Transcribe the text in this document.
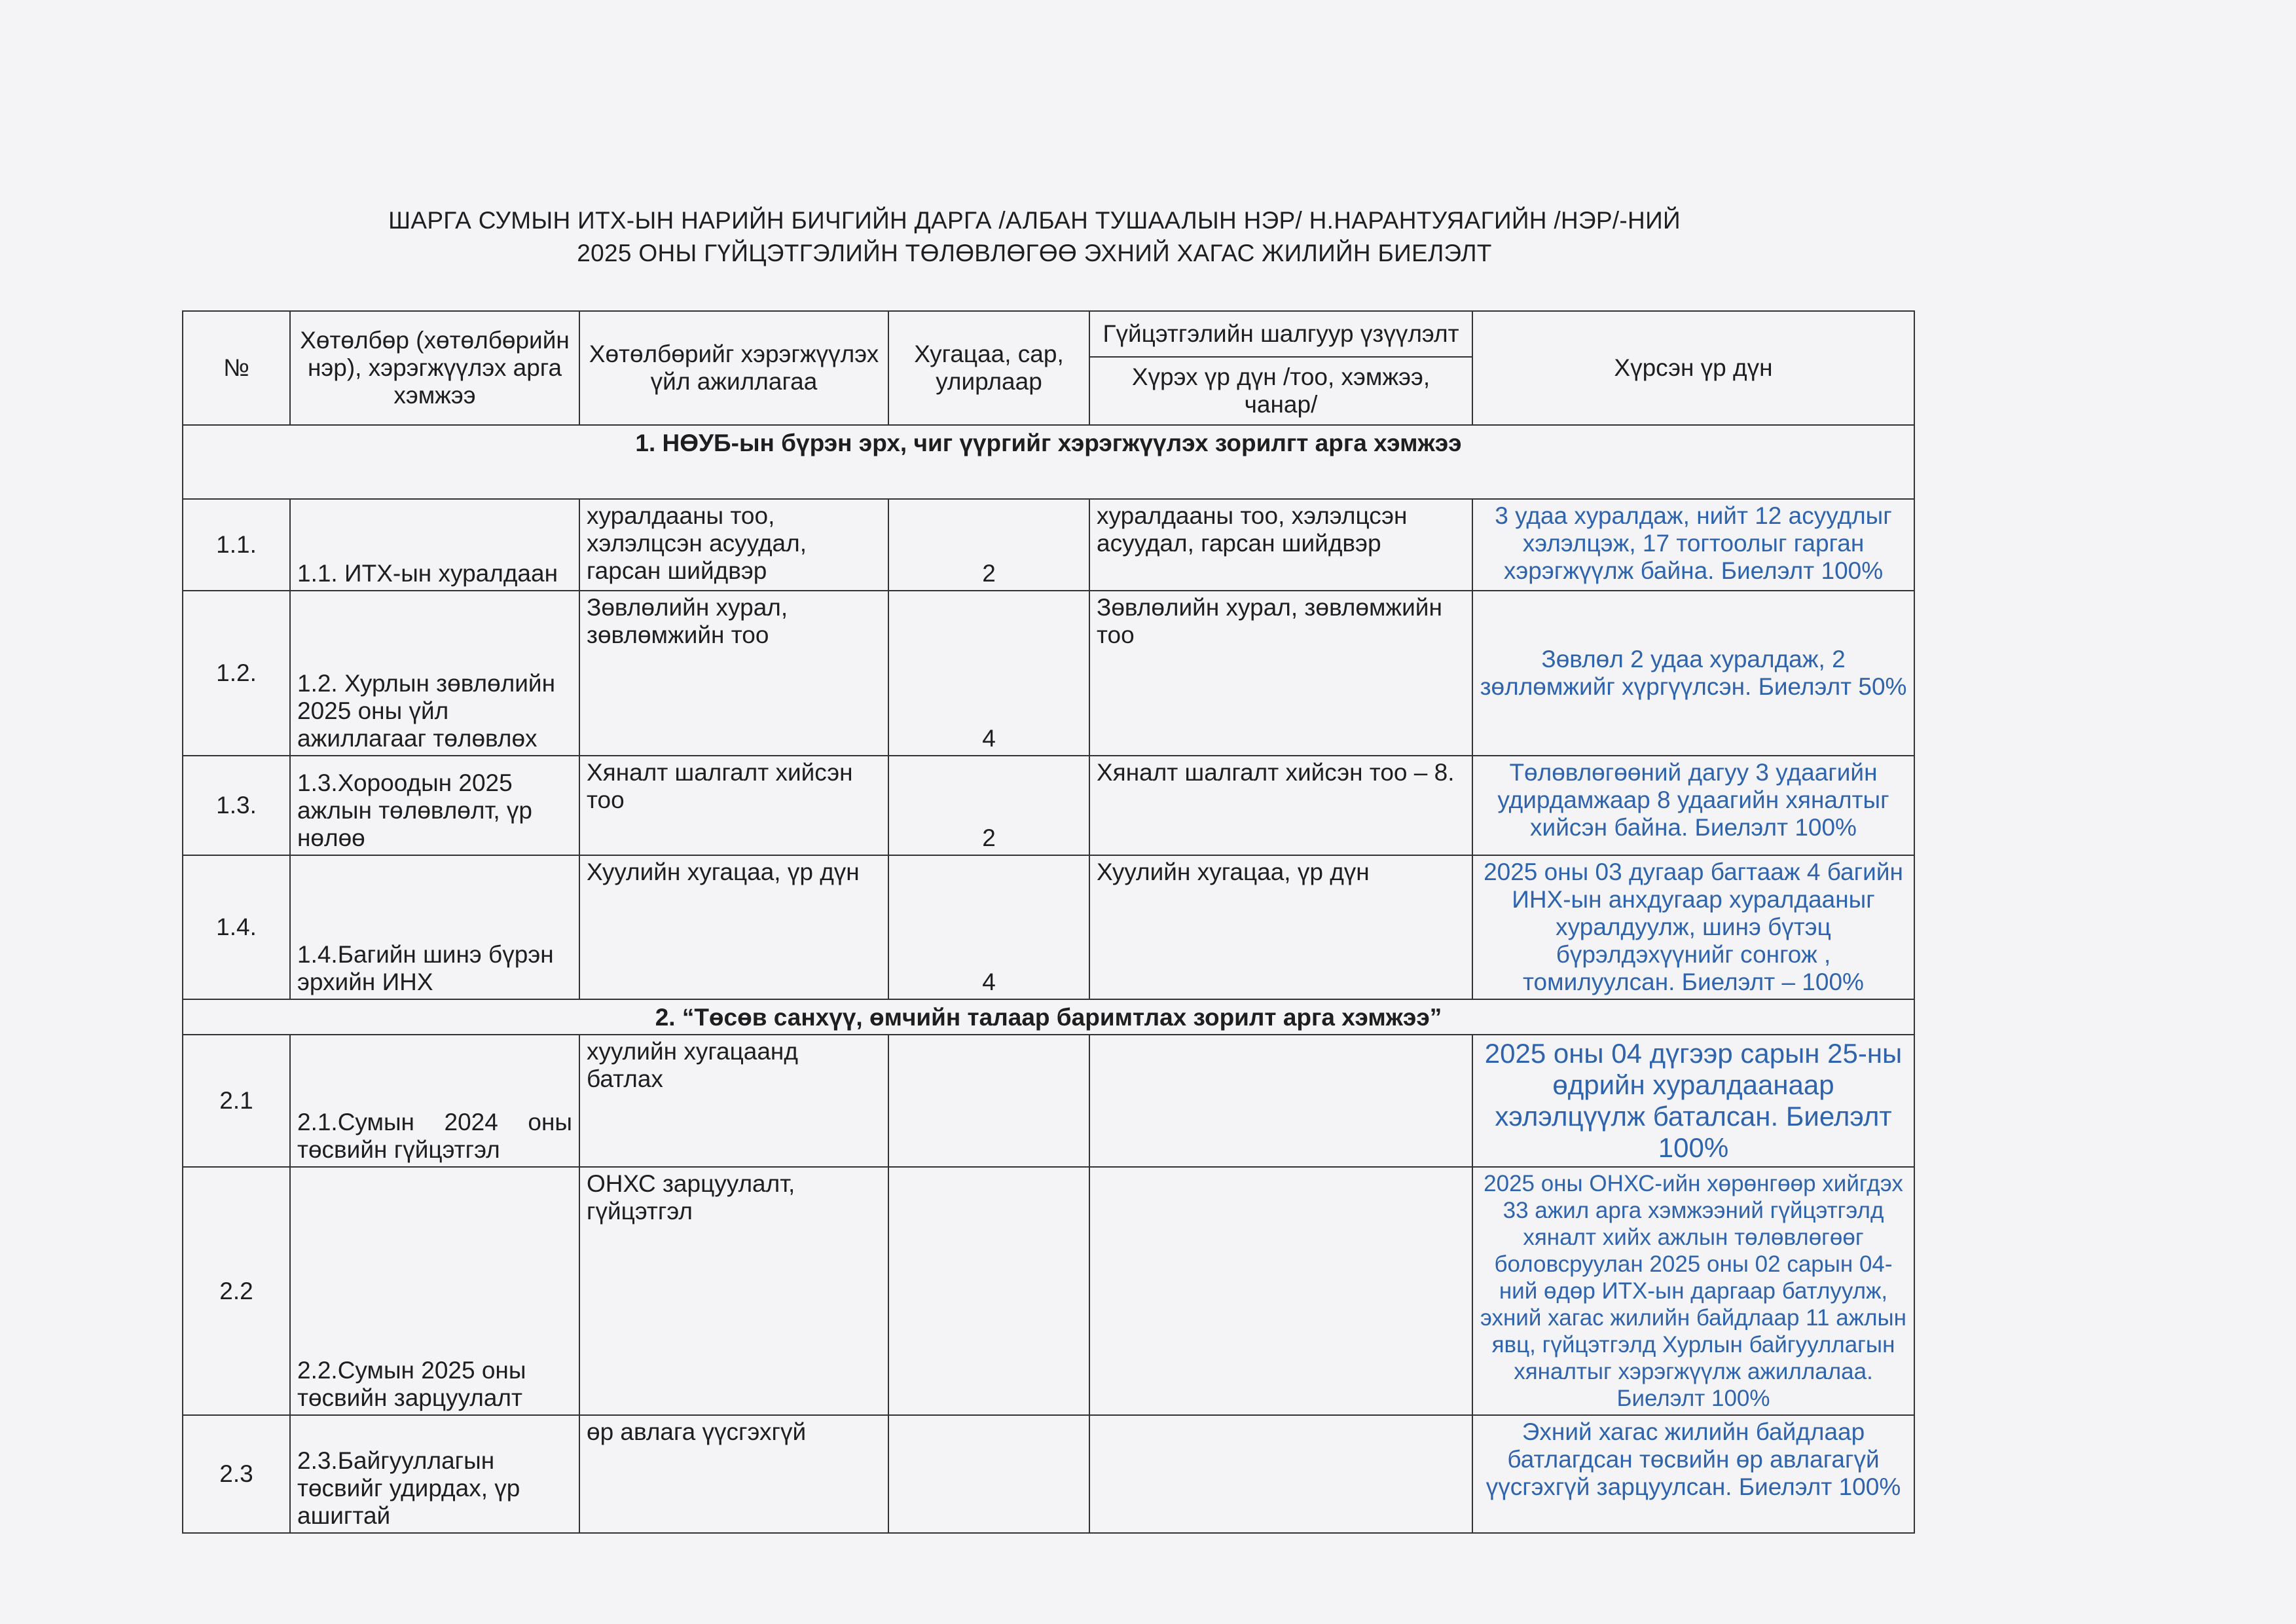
ШАРГА СУМЫН ИТХ-ЫН НАРИЙН БИЧГИЙН ДАРГА /АЛБАН ТУШААЛЫН НЭР/ Н.НАРАНТУЯАГИЙН /НЭР/-НИЙ
2025 ОНЫ ГҮЙЦЭТГЭЛИЙН ТӨЛӨВЛӨГӨӨ ЭХНИЙ ХАГАС ЖИЛИЙН БИЕЛЭЛТ
№	Хөтөлбөр (хөтөлбөрийн нэр), хэрэгжүүлэх арга хэмжээ	Хөтөлбөрийг хэрэгжүүлэх үйл ажиллагаа	Хугацаа, сар, улирлаар	Гүйцэтгэлийн шалгуур үзүүлэлт	Хүрсэн үр дүн
				Хүрэх үр дүн /тоо, хэмжээ, чанар/	
1. НӨУБ-ын бүрэн эрх, чиг үүргийг хэрэгжүүлэх зорилгт арга хэмжээ					
1.1.	1.1. ИТХ-ын хуралдаан	хуралдааны тоо, хэлэлцсэн асуудал, гарсан шийдвэр	2	хуралдааны тоо, хэлэлцсэн асуудал, гарсан шийдвэр	3 удаа хуралдаж, нийт 12 асуудлыг хэлэлцэж, 17 тогтоолыг гарган хэрэгжүүлж байна. Биелэлт 100%
1.2.	1.2. Хурлын зөвлөлийн 2025 оны үйл ажиллагааг төлөвлөх	Зөвлөлийн хурал, зөвлөмжийн тоо	4	Зөвлөлийн хурал, зөвлөмжийн тоо	Зөвлөл 2 удаа хуралдаж, 2 зөллөмжийг хүргүүлсэн. Биелэлт 50%
1.3.	1.3.Хороодын 2025 ажлын төлөвлөлт, үр нөлөө	Хяналт шалгалт хийсэн тоо	2	Хяналт шалгалт хийсэн тоо – 8.	Төлөвлөгөөний дагуу 3 удаагийн удирдамжаар 8 удаагийн хяналтыг хийсэн байна. Биелэлт 100%
1.4.	1.4.Багийн шинэ бүрэн эрхийн ИНХ	Хуулийн хугацаа, үр дүн	4	Хуулийн хугацаа, үр дүн	2025 оны 03 дугаар багтааж 4 багийн ИНХ-ын анхдугаар хуралдааныг хуралдуулж, шинэ бүтэц бүрэлдэхүүнийг сонгож , томилуулсан. Биелэлт – 100%
2. “Төсөв санхүү, өмчийн талаар баримтлах зорилт арга хэмжээ”					
2.1	2.1.Сумын 2024 оны төсвийн гүйцэтгэл	хуулийн хугацаанд батлах			2025 оны 04 дүгээр сарын 25-ны өдрийн хуралдаанаар хэлэлцүүлж баталсан. Биелэлт 100%
2.2	2.2.Сумын 2025 оны төсвийн зарцуулалт	ОНХС зарцуулалт, гүйцэтгэл			2025 оны ОНХС-ийн хөрөнгөөр хийгдэх 33 ажил арга хэмжээний гүйцэтгэлд хяналт хийх ажлын төлөвлөгөөг боловсруулан 2025 оны 02 сарын 04-ний өдөр ИТХ-ын даргаар батлуулж, эхний хагас жилийн байдлаар 11 ажлын явц, гүйцэтгэлд Хурлын байгууллагын хяналтыг хэрэгжүүлж ажиллалаа. Биелэлт 100%
2.3	2.3.Байгууллагын төсвийг удирдах, үр ашигтай	өр авлага үүсгэхгүй			Эхний хагас жилийн байдлаар батлагдсан төсвийн өр авлагагүй үүсгэхгүй зарцуулсан. Биелэлт 100%
